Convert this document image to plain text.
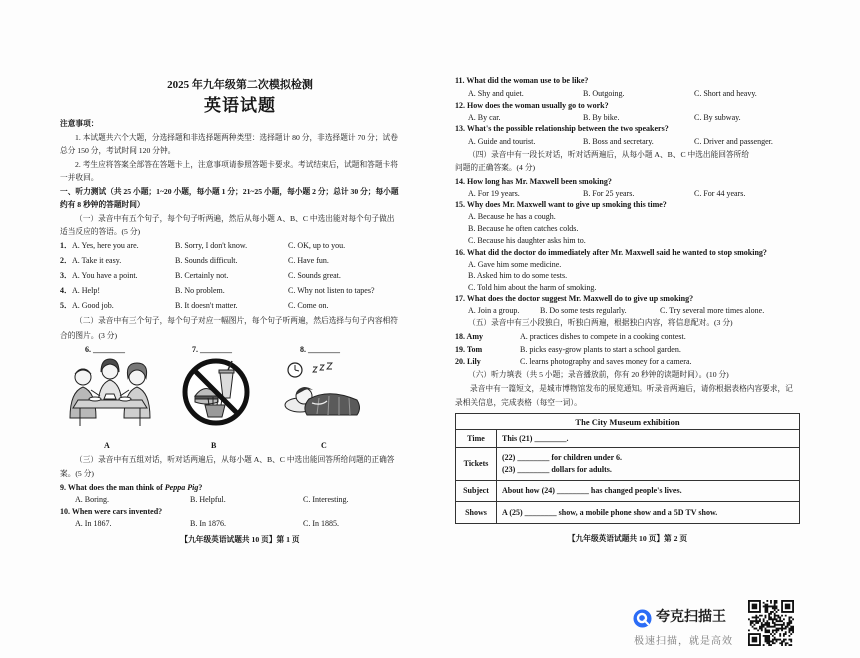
2025 年九年级第二次模拟检测
英语试题
注意事项：
1. 本试题共六个大题，分选择题和非选择题两种类型：选择题计 80 分，非选择题计 70 分；试卷
总分 150 分，考试时间 120 分钟。
2. 考生应将答案全部答在答题卡上，注意事项请参照答题卡要求。考试结束后，试题和答题卡将
一并收回。
一、听力测试（共 25 小题；1~20 小题，每小题 1 分；21~25 小题，每小题 2 分；总计 30 分；每小题
约有 8 秒钟的答题时间）
（一）录音中有五个句子，每个句子听两遍，然后从每小题 A、B、C 中选出能对每个句子做出
适当反应的答语。(5 分)
1． A. Yes, here you are.	B. Sorry, I don't know.	C. OK, up to you.
2． A. Take it easy.	B. Sounds difficult.	C. Have fun.
3． A. You have a point.	B. Certainly not.	C. Sounds great.
4． A. Help!	B. No problem.	C. Why not listen to tapes?
5． A. Good job.	B. It doesn't matter.	C. Come on.
（二）录音中有三个句子，每个句子对应一幅图片，每个句子听两遍，然后选择与句子内容相符
合的图片。(3 分)
6. ________	7. ________	8. ________
A	B	C
（三）录音中有五组对话，听对话两遍后，从每小题 A、B、C 中选出能回答所给问题的正确答
案。(5 分)
9. What does the man think of Peppa Pig?
A. Boring.	B. Helpful.	C. Interesting.
10. When were cars invented?
A. In 1867.	B. In 1876.	C. In 1885.
【九年级英语试题共 10 页】第 1 页
11. What did the woman use to be like?
A. Shy and quiet.	B. Outgoing.	C. Short and heavy.
12. How does the woman usually go to work?
A. By car.	B. By bike.	C. By subway.
13. What's the possible relationship between the two speakers?
A. Guide and tourist.	B. Boss and secretary.	C. Driver and passenger.
（四）录音中有一段长对话，听对话两遍后，从每小题 A、B、C 中选出能回答所给
问题的正确答案。(4 分)
14. How long has Mr. Maxwell been smoking?
A. For 19 years.	B. For 25 years.	C. For 44 years.
15. Why does Mr. Maxwell want to give up smoking this time?
A. Because he has a cough.
B. Because he often catches colds.
C. Because his daughter asks him to.
16. What did the doctor do immediately after Mr. Maxwell said he wanted to stop smoking?
A. Gave him some medicine.
B. Asked him to do some tests.
C. Told him about the harm of smoking.
17. What does the doctor suggest Mr. Maxwell do to give up smoking?
A. Join a group.	B. Do some tests regularly.	C. Try several more times alone.
（五）录音中有三小段独白，听独白两遍，根据独白内容，将信息配对。(3 分)
18. Amy	A. practices dishes to compete in a cooking contest.
19. Tom	B. picks easy-grow plants to start a school garden.
20. Lily	C. learns photography and saves money for a camera.
（六）听力填表（共 5 小题；录音播放前，你有 20 秒钟的读题时间）。(10 分)
录音中有一篇短文，是城市博物馆发布的展览通知。听录音两遍后，请你根据表格内容要求，记
录相关信息，完成表格（每空一词）。
The City Museum exhibition	
Time	This (21) ________.

Tickets	(22) ________ for children under 6.
(23) ________ dollars for adults.

Subject	About how (24) ________ has changed people's lives.

Shows	A (25) ________ show, a mobile phone show and a 5D TV show.
【九年级英语试题共 10 页】第 2 页
夸克扫描王
极速扫描，就是高效
